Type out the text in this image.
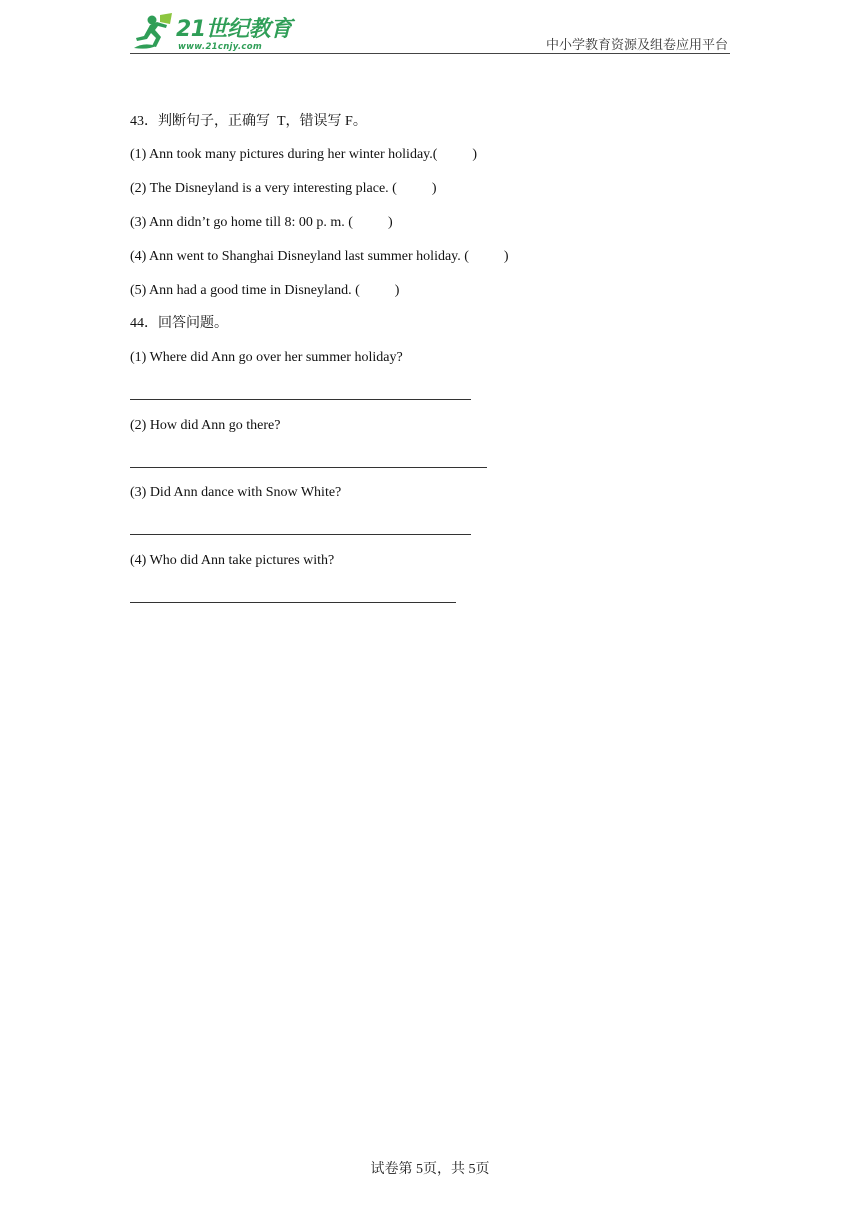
21世纪教育
www.21cnjy.com	中小学教育资源及组卷应用平台
43．判断句子，正确写  T，错误写 F。
(1) Ann took many pictures during her winter holiday.(          )
(2) The Disneyland is a very interesting place. (          )
(3) Ann didn’t go home till 8: 00 p. m. (          )
(4) Ann went to Shanghai Disneyland last summer holiday. (          )
(5) Ann had a good time in Disneyland. (          )
44．回答问题。
(1) Where did Ann go over her summer holiday?
(2) How did Ann go there?
(3) Did Ann dance with Snow White?
(4) Who did Ann take pictures with?
试卷第 5页，共 5页
